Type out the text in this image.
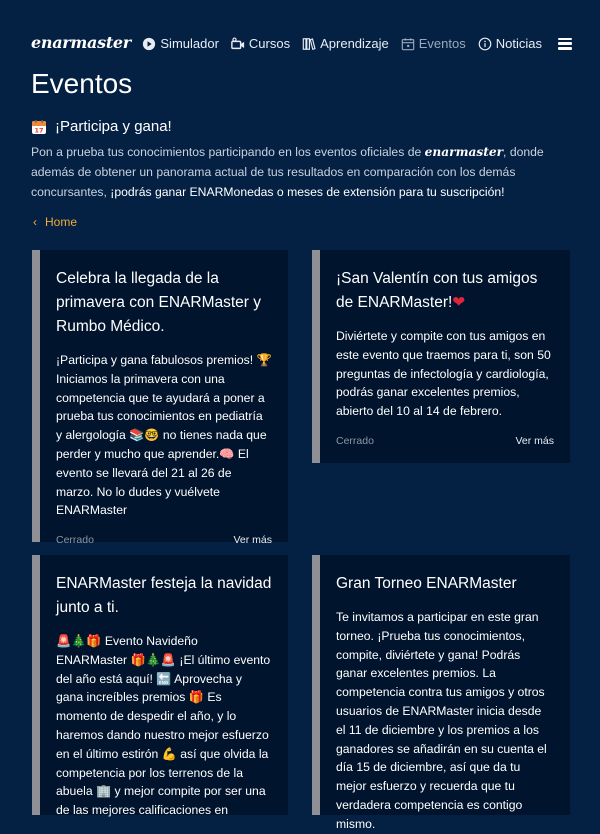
enarmaster Simulador Cursos Aprendizaje Eventos Noticias
Eventos
17 ¡Participa y gana!

Pon a prueba tus conocimientos participando en los eventos oficiales de enarmaster, donde además de obtener un panorama actual de tus resultados en comparación con los demás concursantes, ¡podrás ganar ENARMonedas o meses de extensión para tu suscripción!

‹ Home
Celebra la llegada de la primavera con ENARMaster y Rumbo Médico.

¡Participa y gana fabulosos premios! 🏆 Iniciamos la primavera con una competencia que te ayudará a poner a prueba tus conocimientos en pediatría y alergología 📚🤓 no tienes nada que perder y mucho que aprender.🧠 El evento se llevará del 21 al 26 de marzo. No lo dudes y vuélvete ENARMaster

Cerrado	Ver más
¡San Valentín con tus amigos de ENARMaster!❤

Diviértete y compite con tus amigos en este evento que traemos para ti, son 50 preguntas de infectología y cardiología, podrás ganar excelentes premios, abierto del 10 al 14 de febrero.

Cerrado	Ver más
ENARMaster festeja la navidad junto a ti.

🚨🎄🎁 Evento Navideño ENARMaster 🎁🎄🚨 ¡El último evento del año está aquí! 🔚 Aprovecha y gana increíbles premios 🎁 Es momento de despedir el año, y lo haremos dando nuestro mejor esfuerzo en el último estirón 💪 así que olvida la competencia por los terrenos de la abuela 🏢 y mejor compite por ser una de las mejores calificaciones en

Gran Torneo ENARMaster

Te invitamos a participar en este gran torneo. ¡Prueba tus conocimientos, compite, diviértete y gana! Podrás ganar excelentes premios. La competencia contra tus amigos y otros usuarios de ENARMaster inicia desde el 11 de diciembre y los premios a los ganadores se añadirán en su cuenta el día 15 de diciembre, así que da tu mejor esfuerzo y recuerda que tu verdadera competencia es contigo mismo.
